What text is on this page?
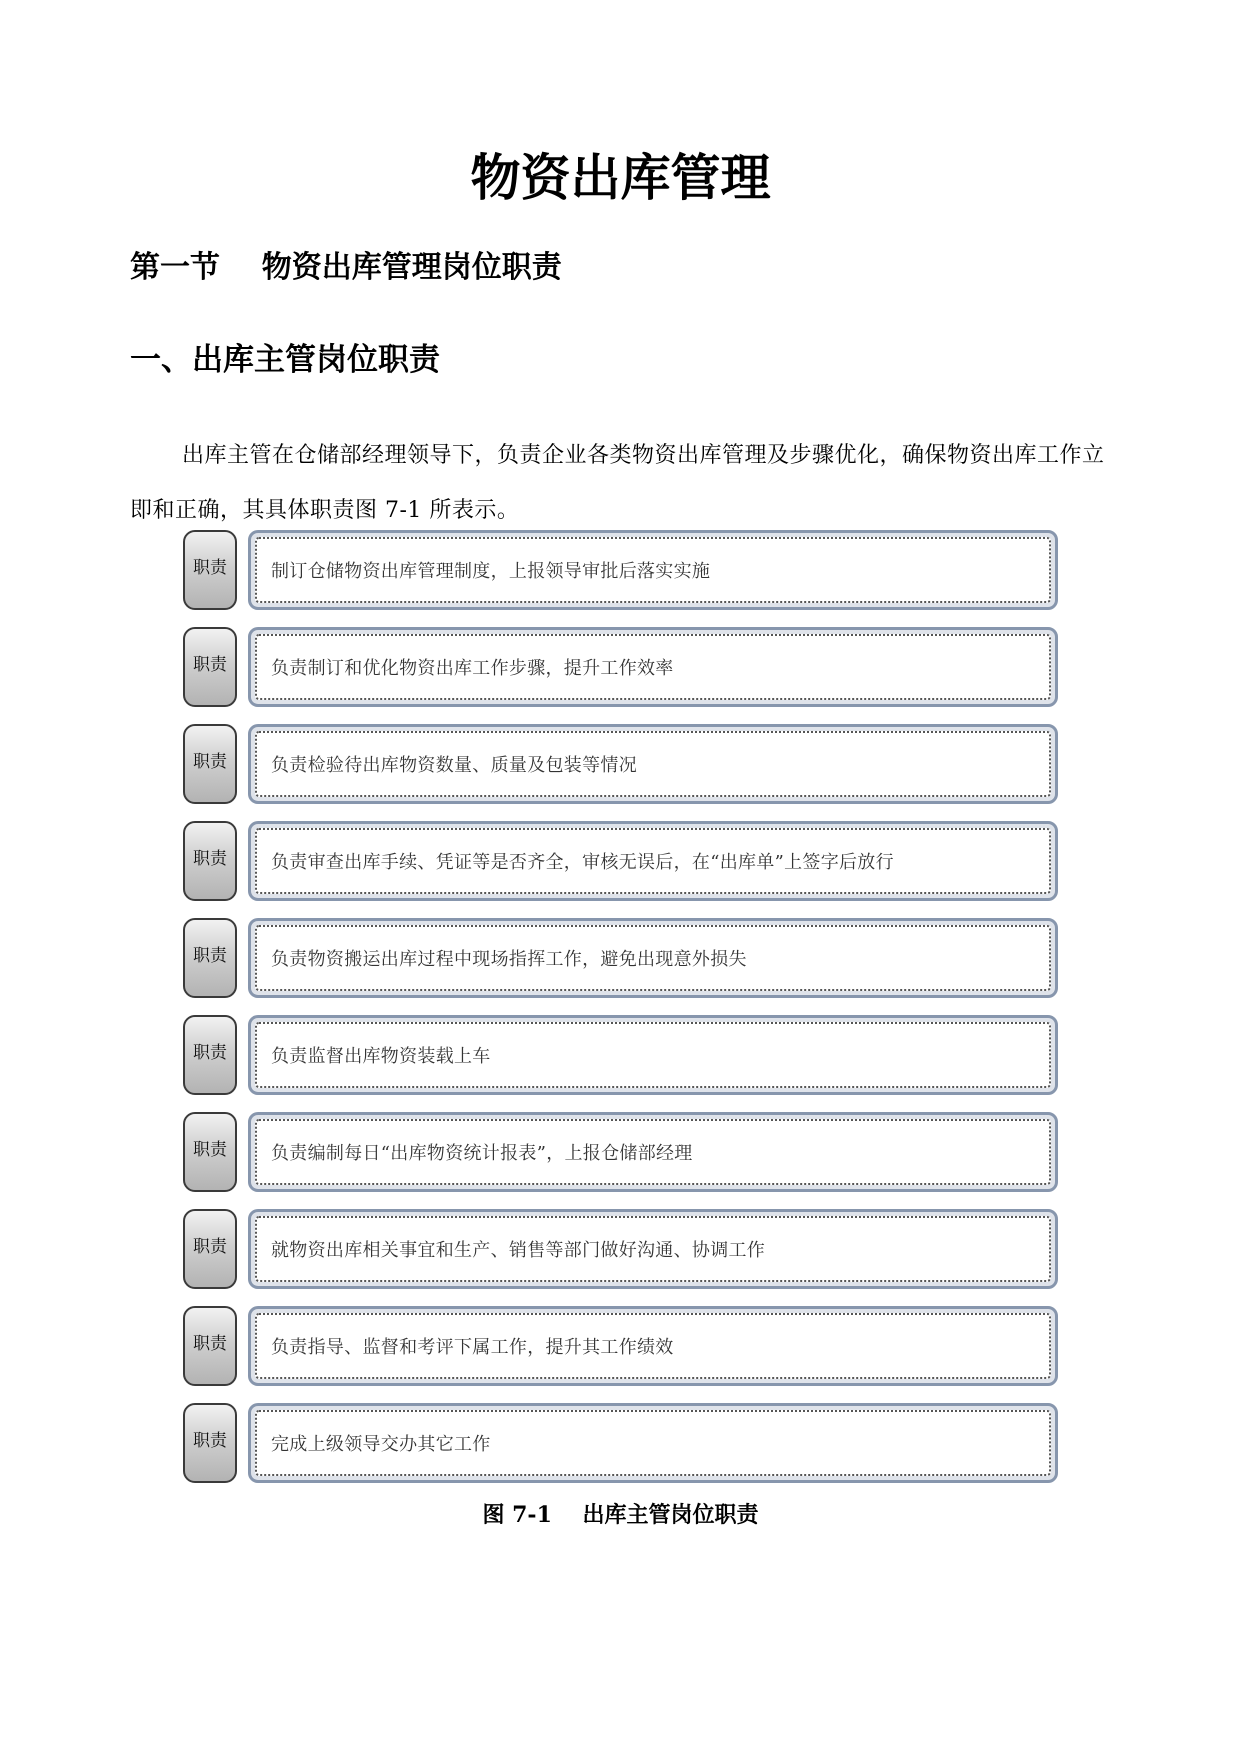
物资出库管理
第一节    物资出库管理岗位职责
一、出库主管岗位职责

出库主管在仓储部经理领导下，负责企业各类物资出库管理及步骤优化，确保物资出库工作立即和正确，其具体职责图 7-1 所表示。

职责	制订仓储物资出库管理制度，上报领导审批后落实实施
职责	负责制订和优化物资出库工作步骤，提升工作效率
职责	负责检验待出库物资数量、质量及包装等情况
职责	负责审查出库手续、凭证等是否齐全，审核无误后，在“出库单”上签字后放行
职责	负责物资搬运出库过程中现场指挥工作，避免出现意外损失
职责	负责监督出库物资装载上车
职责	负责编制每日“出库物资统计报表”，上报仓储部经理
职责	就物资出库相关事宜和生产、销售等部门做好沟通、协调工作
职责	负责指导、监督和考评下属工作，提升其工作绩效
职责	完成上级领导交办其它工作
图 7-1    出库主管岗位职责
